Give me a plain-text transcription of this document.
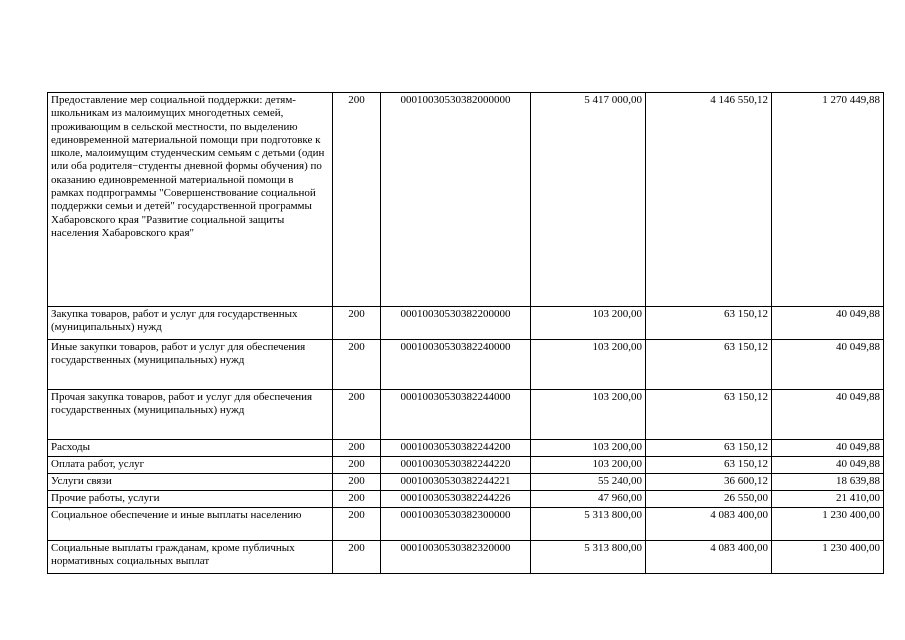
Предоставление мер социальной поддержки: детям-школьникам из малоимущих многодетных семей, проживающим в сельской местности, по выделению единовременной материальной помощи при подготовке к школе, малоимущим студенческим семьям с детьми (один или оба родителя−студенты дневной формы обучения) по оказанию единовременной материальной помощи в рамках подпрограммы "Совершенствование социальной поддержки семьи и детей" государственной программы Хабаровского края "Развитие социальной защиты населения Хабаровского края"	200	00010030530382000000	5 417 000,00	4 146 550,12	1 270 449,88
Закупка товаров, работ и услуг для государственных (муниципальных) нужд	200	00010030530382200000	103 200,00	63 150,12	40 049,88
Иные закупки товаров, работ и услуг для обеспечения государственных (муниципальных) нужд	200	00010030530382240000	103 200,00	63 150,12	40 049,88
Прочая закупка товаров, работ и услуг для обеспечения государственных (муниципальных) нужд	200	00010030530382244000	103 200,00	63 150,12	40 049,88
Расходы	200	00010030530382244200	103 200,00	63 150,12	40 049,88
Оплата работ, услуг	200	00010030530382244220	103 200,00	63 150,12	40 049,88
Услуги связи	200	00010030530382244221	55 240,00	36 600,12	18 639,88
Прочие работы, услуги	200	00010030530382244226	47 960,00	26 550,00	21 410,00
Социальное обеспечение и иные выплаты населению	200	00010030530382300000	5 313 800,00	4 083 400,00	1 230 400,00
Социальные выплаты гражданам, кроме публичных нормативных социальных выплат	200	00010030530382320000	5 313 800,00	4 083 400,00	1 230 400,00
